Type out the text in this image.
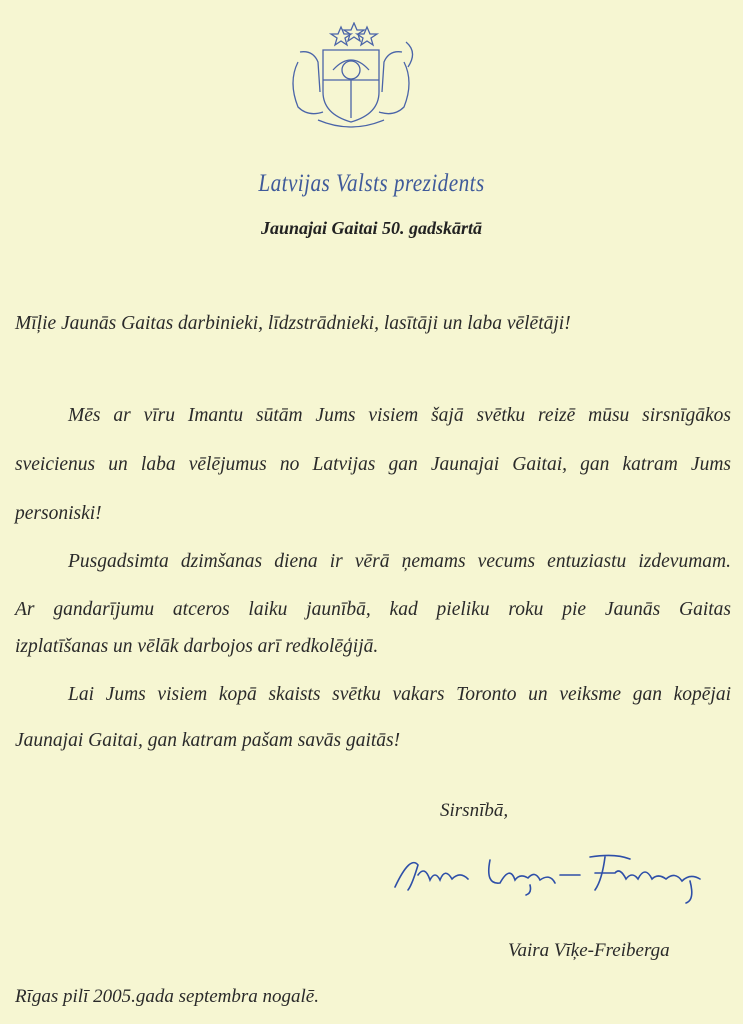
Latvijas Valsts prezidents
Jaunajai Gaitai 50. gadskārtā
Mīļie Jaunās Gaitas darbinieki, līdzstrādnieki, lasītāji un laba vēlētāji!
Mēs ar vīru Imantu sūtām Jums visiem šajā svētku reizē mūsu sirsnīgākos
sveicienus un laba vēlējumus no Latvijas gan Jaunajai Gaitai, gan katram Jums
personiski!
Pusgadsimta dzimšanas diena ir vērā ņemams vecums entuziastu izdevumam.
Ar gandarījumu atceros laiku jaunībā, kad pieliku roku pie Jaunās Gaitas
izplatīšanas un vēlāk darbojos arī redkolēģijā.
Lai Jums visiem kopā skaists svētku vakars Toronto un veiksme gan kopējai
Jaunajai Gaitai, gan katram pašam savās gaitās!
Sirsnībā,
Vaira Vīķe-Freiberga
Rīgas pilī 2005.gada septembra nogalē.
